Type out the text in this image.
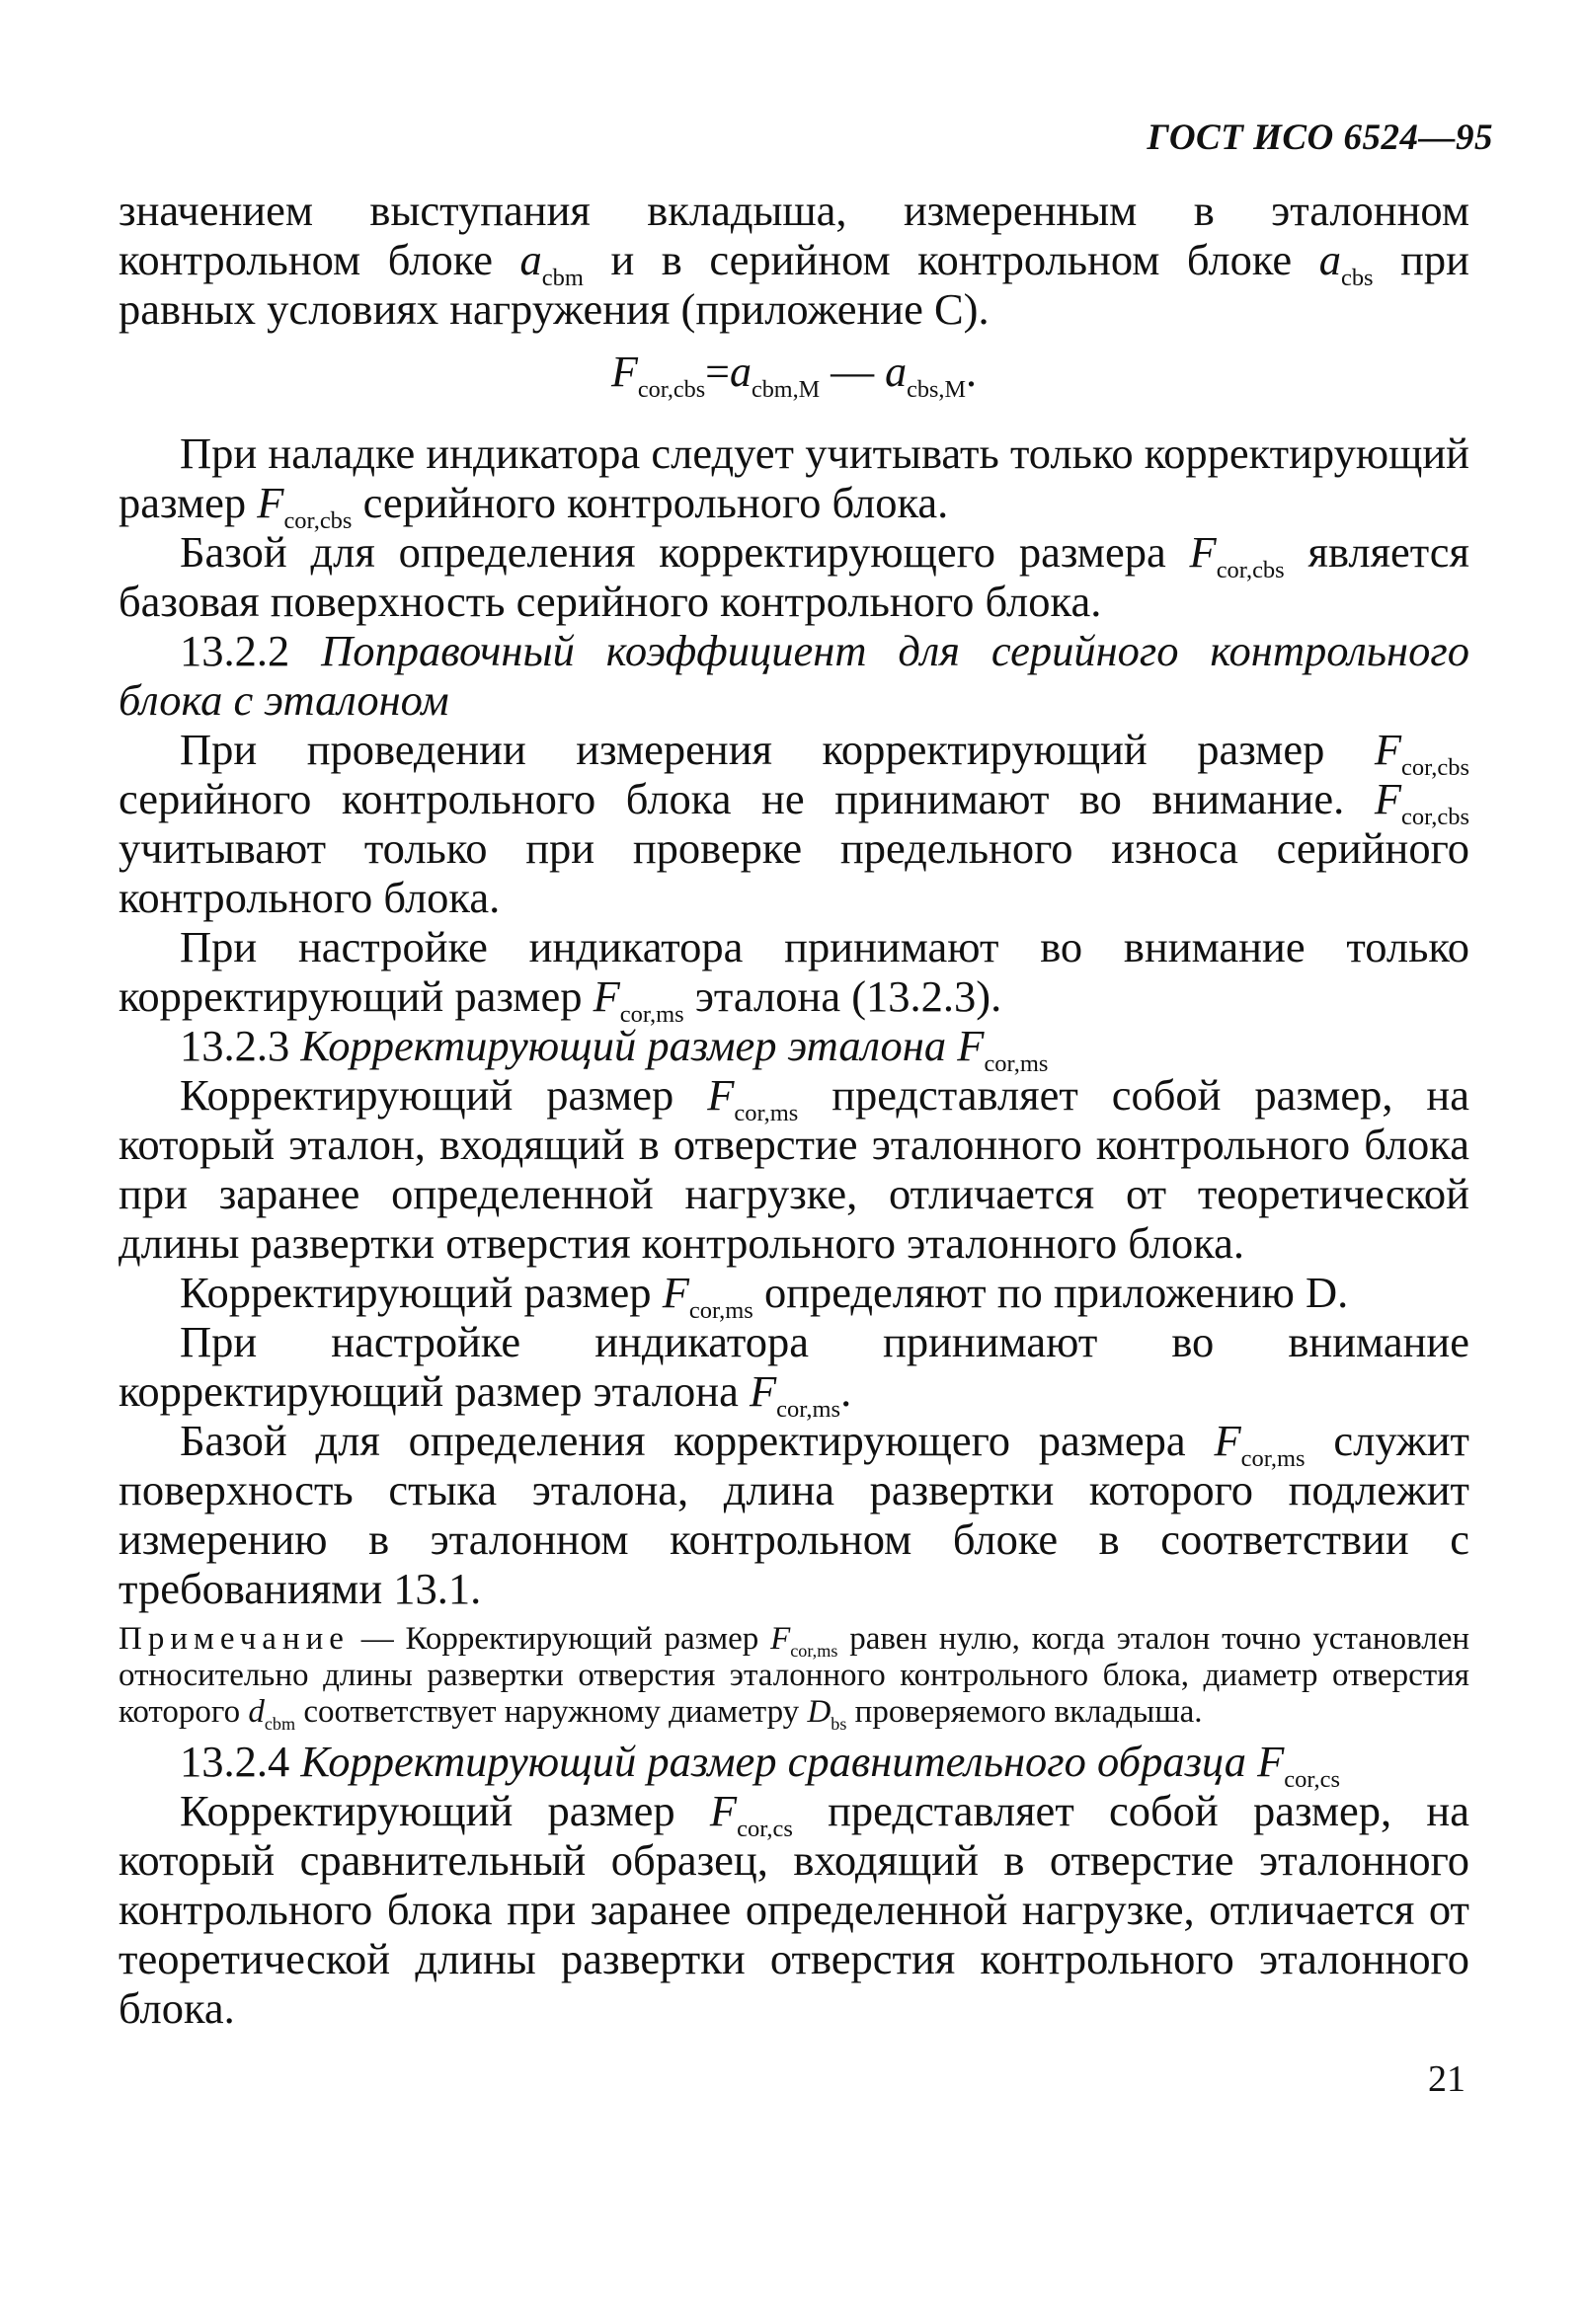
ГОСТ ИСО 6524—95

значением выступания вкладыша, измеренным в эталонном контрольном блоке $a_{cbm}$ и в серийном контрольном блоке $a_{cbs}$ при равных условиях нагружения (приложение С).

$F_{cor,cbs}=a_{cbm,M}$ — $a_{cbs,M}$.

При наладке индикатора следует учитывать только корректирующий размер $F_{cor,cbs}$ серийного контрольного блока.

Базой для определения корректирующего размера $F_{cor,cbs}$ является базовая поверхность серийного контрольного блока.

13.2.2 Поправочный коэффициент для серийного контрольного блока с эталоном

При проведении измерения корректирующий размер $F_{cor,cbs}$ серийного контрольного блока не принимают во внимание. $F_{cor,cbs}$ учитывают только при проверке предельного износа серийного контрольного блока.

При настройке индикатора принимают во внимание только корректирующий размер $F_{cor,ms}$ эталона (13.2.3).

13.2.3 Корректирующий размер эталона $F_{cor,ms}$

Корректирующий размер $F_{cor,ms}$ представляет собой размер, на который эталон, входящий в отверстие эталонного контрольного блока при заранее определенной нагрузке, отличается от теоретической длины развертки отверстия контрольного эталонного блока.

Корректирующий размер $F_{cor,ms}$ определяют по приложению D.

При настройке индикатора принимают во внимание корректирующий размер эталона $F_{cor,ms}$.

Базой для определения корректирующего размера $F_{cor,ms}$ служит поверхность стыка эталона, длина развертки которого подлежит измерению в эталонном контрольном блоке в соответствии с требованиями 13.1.

Примечание — Корректирующий размер $F_{cor,ms}$ равен нулю, когда эталон точно установлен относительно длины развертки отверстия эталонного контрольного блока, диаметр отверстия которого $d_{cbm}$ соответствует наружному диаметру $D_{bs}$ проверяемого вкладыша.

13.2.4 Корректирующий размер сравнительного образца $F_{cor,cs}$

Корректирующий размер $F_{cor,cs}$ представляет собой размер, на который сравнительный образец, входящий в отверстие эталонного контрольного блока при заранее определенной нагрузке, отличается от теоретической длины развертки отверстия контрольного эталонного блока.

21
